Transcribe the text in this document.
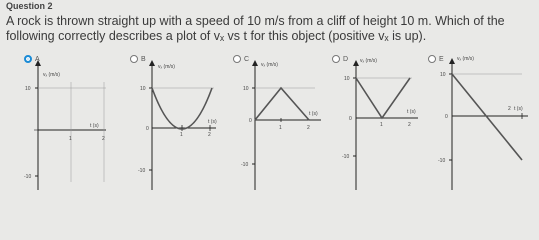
Question 2
A rock is thrown straight up with a speed of 10 m/s from a cliff of height 10 m. Which of the following correctly describes a plot of vₓ vs t for this object (positive vₓ is up).
A
vₓ (m/s)
t (s)
10
-10
1	2
B
vₓ (m/s)
t (s)
10
-10
1	2
0
C
vₓ (m/s)
t (s)
10
-10
1	2
0
D vₓ (m/s)
t (s)
10
-10
1	2
0
E	vₓ (m/s)
t (s)
10
-10
2
0
